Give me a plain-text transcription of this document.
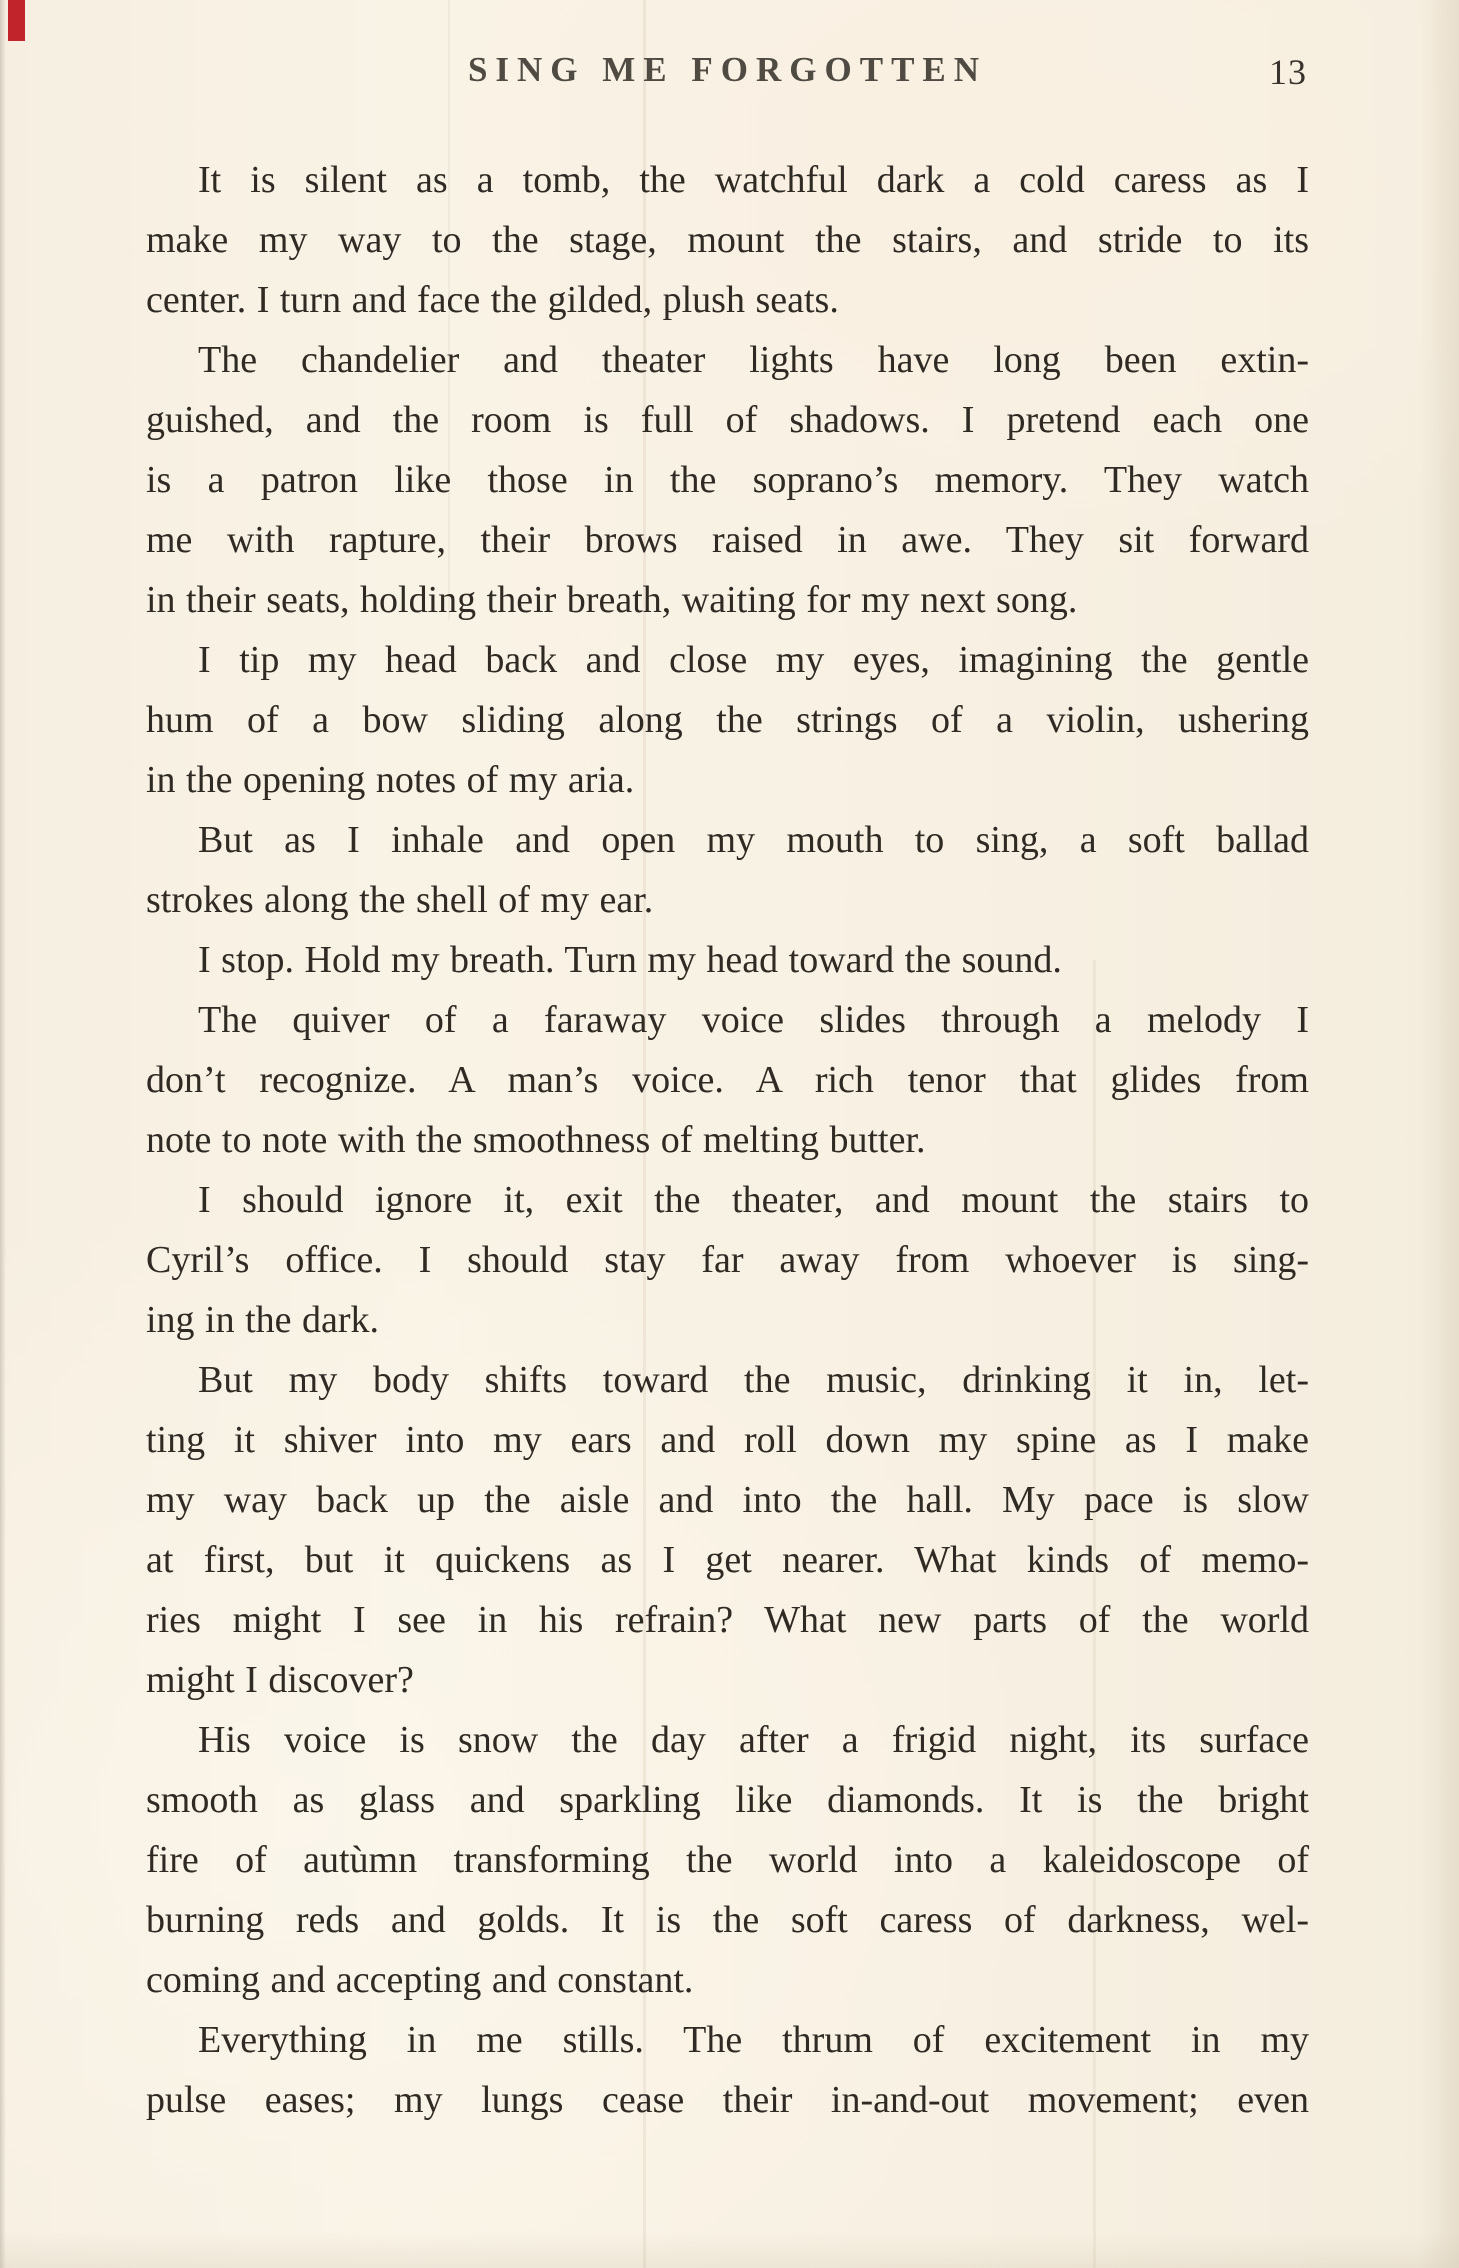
SING ME FORGOTTEN	13
It is silent as a tomb, the watchful dark a cold caress as I
make my way to the stage, mount the stairs, and stride to its
center. I turn and face the gilded, plush seats.
The chandelier and theater lights have long been extin-
guished, and the room is full of shadows. I pretend each one
is a patron like those in the soprano’s memory. They watch
me with rapture, their brows raised in awe. They sit forward
in their seats, holding their breath, waiting for my next song.
I tip my head back and close my eyes, imagining the gentle
hum of a bow sliding along the strings of a violin, ushering
in the opening notes of my aria.
But as I inhale and open my mouth to sing, a soft ballad
strokes along the shell of my ear.
I stop. Hold my breath. Turn my head toward the sound.
The quiver of a faraway voice slides through a melody I
don’t recognize. A man’s voice. A rich tenor that glides from
note to note with the smoothness of melting butter.
I should ignore it, exit the theater, and mount the stairs to
Cyril’s office. I should stay far away from whoever is sing-
ing in the dark.
But my body shifts toward the music, drinking it in, let-
ting it shiver into my ears and roll down my spine as I make
my way back up the aisle and into the hall. My pace is slow
at first, but it quickens as I get nearer. What kinds of memo-
ries might I see in his refrain? What new parts of the world
might I discover?
His voice is snow the day after a frigid night, its surface
smooth as glass and sparkling like diamonds. It is the bright
fire of autùmn transforming the world into a kaleidoscope of
burning reds and golds. It is the soft caress of darkness, wel-
coming and accepting and constant.
Everything in me stills. The thrum of excitement in my
pulse eases; my lungs cease their in-and-out movement; even
